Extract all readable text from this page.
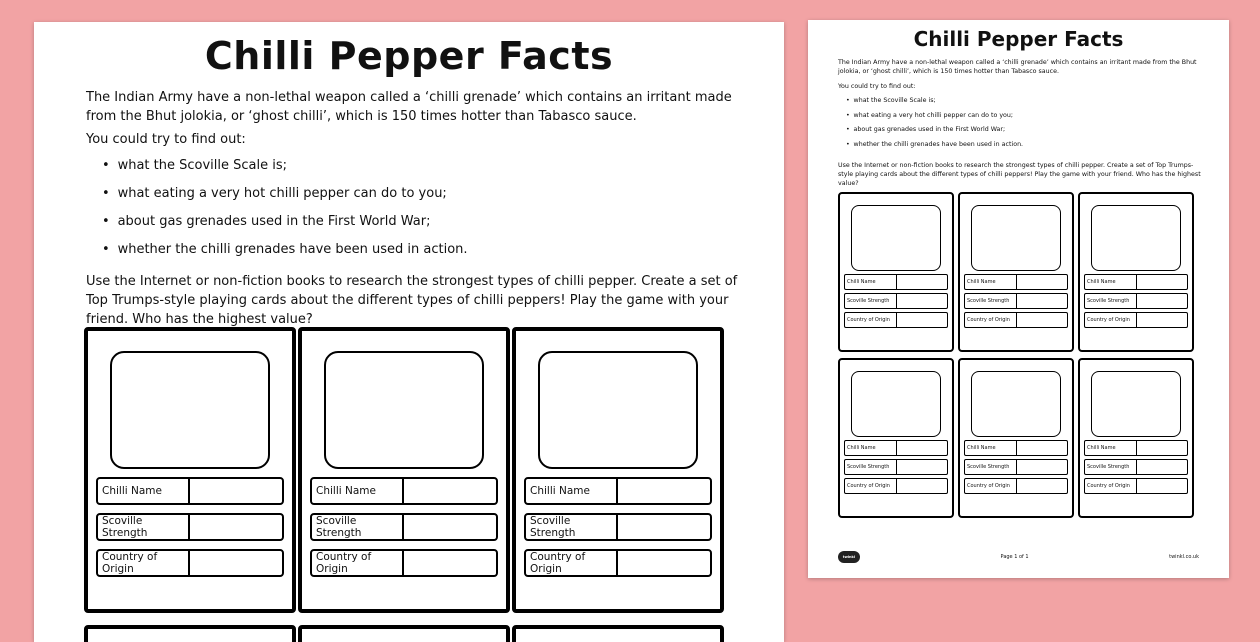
Chilli Pepper Facts

The Indian Army have a non-lethal weapon called a ‘chilli grenade’ which contains an irritant made from the Bhut jolokia, or ‘ghost chilli’, which is 150 times hotter than Tabasco sauce.

You could try to find out:

• what the Scoville Scale is;
• what eating a very hot chilli pepper can do to you;
• about gas grenades used in the First World War;
• whether the chilli grenades have been used in action.

Use the Internet or non-fiction books to research the strongest types of chilli pepper. Create a set of Top Trumps-style playing cards about the different types of chilli peppers! Play the game with your friend. Who has the highest value?

Chilli Name
Scoville Strength
Country of Origin
Chilli Name
Scoville Strength
Country of Origin
Chilli Name
Scoville Strength
Country of Origin
Chilli Pepper Facts

The Indian Army have a non-lethal weapon called a ‘chilli grenade’ which contains an irritant made from the Bhut jolokia, or ‘ghost chilli’, which is 150 times hotter than Tabasco sauce.

You could try to find out:

• what the Scoville Scale is;
• what eating a very hot chilli pepper can do to you;
• about gas grenades used in the First World War;
• whether the chilli grenades have been used in action.

Use the Internet or non-fiction books to research the strongest types of chilli pepper. Create a set of Top Trumps-style playing cards about the different types of chilli peppers! Play the game with your friend. Who has the highest value?

Chilli Name
Scoville Strength
Country of Origin
Chilli Name
Scoville Strength
Country of Origin
Chilli Name
Scoville Strength
Country of Origin
Chilli Name
Scoville Strength
Country of Origin
Chilli Name
Scoville Strength
Country of Origin
Chilli Name
Scoville Strength
Country of Origin
twinkl	Page 1 of 1	twinkl.co.uk
